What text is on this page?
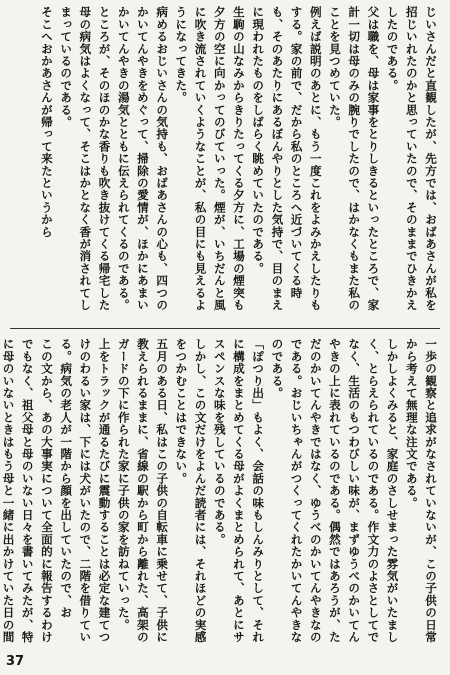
じいさんだと直観したが、先方では、おばあさんが私を招じいれたのかと思っていたので、そのままでひきかえしたのである。

父は職を、母は家事をとりしきるといったところで、家計一切は母のみの腕りでしたので、はかなくもまた私のことを見つめていた。

例えば説明のあとに、もう一度これをよみかえしたりもする。家の前で、だから私のところへ近づいてくる時も、そのあたりにあるぼんやりとした気持で、目のまえに現われたものをしばらく眺めていたのである。

生駒の山なみからきりたってくる夕方に、工場の煙突も夕方の空に向かってのびていった。煙が、いちだんと風に吹き流されていくようなことが、私の目にも見えるようになってきた。

病めるおじいさんの気持も、おばあさんの心も、四つのかいてんやきをめぐって、掃除の愛情が、ほかにあまいかいてんやきの湯気とともに伝えられてくるのである。

ところが、そのほのかな香りも吹き抜けてくる帰宅した母の病気はよくなって、そこはかとなく香が消されてしまっているのである。

そこへおかあさんが帰って来たというから

一歩の観察と追求がなされていないが、この子供の日常から考えて無理な注文である。

しかしよくみると、家庭のさしせまった雰気がいたましく、とらえられているのである。作文力のよさとしてでなく、生活のもつわびしい味が、まずゆうべのかいてんやきの上に表れているのである。偶然ではあろうが、ただのかいてんやきではなく、ゆうべのかいてんやきなのである。おじいちゃんがつくってくれたかいてんやきなのである。

「ぽつり出」もよく、会話の味もしんみりとして、それに構成をまとめてくる母がよくまとめられて、あとにサスペンスな味を残しているのである。

しかし、この文だけをよんだ読者には、それほどの実感をつかむことはできない。

五月のある日、私はこの子供の自転車に乗せて、子供に教えられるままに、省線の駅から町から離れた、高架のガードの下に作られた家に子供の家を訪ねていった。

上をトラックが通るたびに震動することは必定な建てつけのわるい家は、下には犬がいたので、二階を借りている。病気の老人が一階から顔を出していたので、お

この文から、あの大事実について全面的に報告するわけでもなく、祖父母と母のいない日々を書いてみたが、特に母のいないときはもう母と一緒に出かけていた日の間

37
